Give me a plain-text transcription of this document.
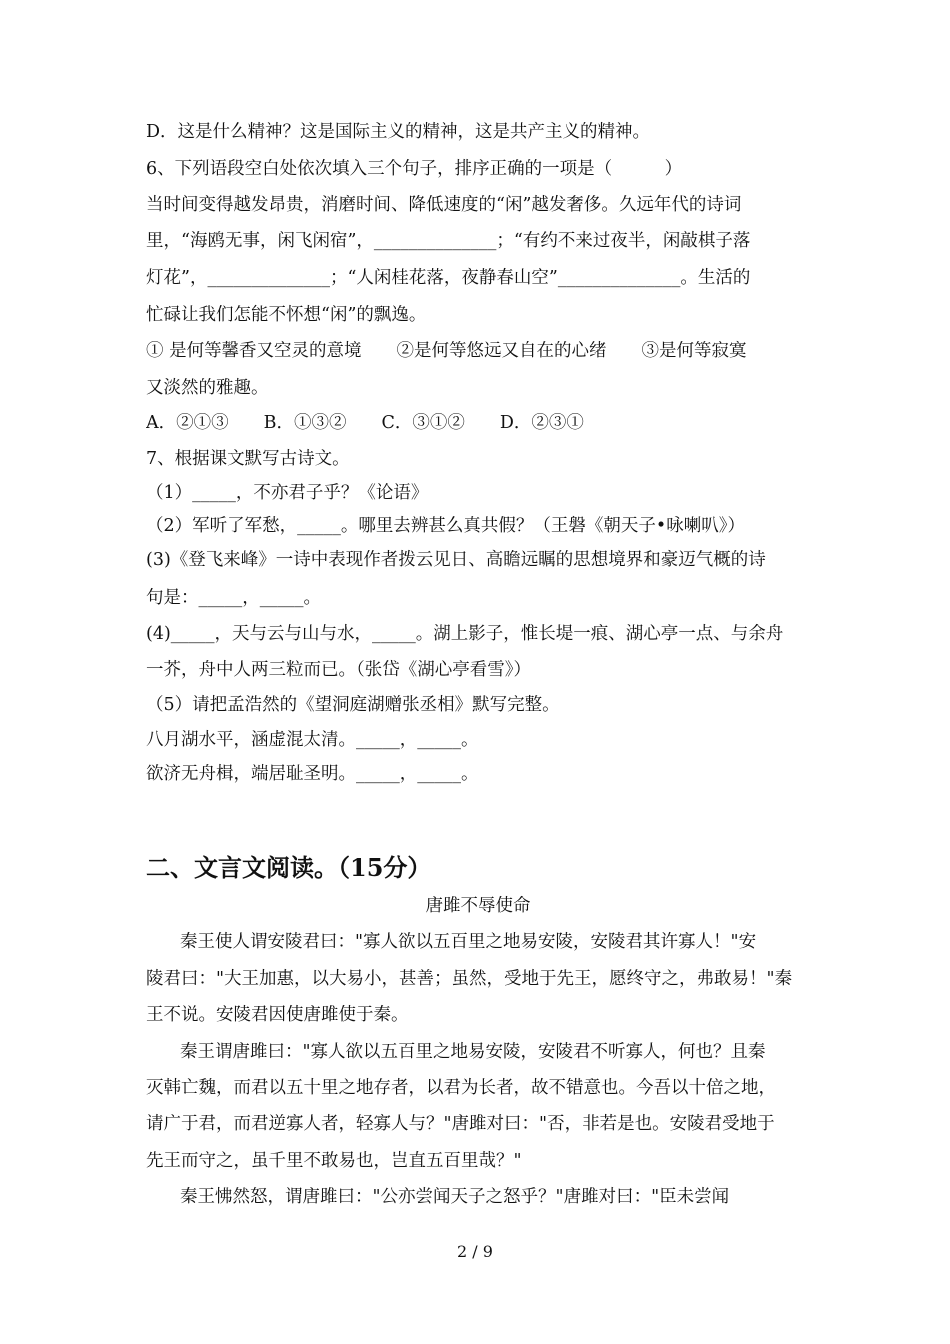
D．这是什么精神？这是国际主义的精神，这是共产主义的精神。
6、下列语段空白处依次填入三个句子，排序正确的一项是（　　　）
当时间变得越发昂贵，消磨时间、降低速度的“闲”越发奢侈。久远年代的诗词
里，“海鸥无事，闲飞闲宿”，______________；“有约不来过夜半，闲敲棋子落
灯花”，______________；“人闲桂花落，夜静春山空”______________。生活的
忙碌让我们怎能不怀想“闲”的飘逸。
① 是何等馨香又空灵的意境　　②是何等悠远又自在的心绪　　③是何等寂寞
又淡然的雅趣。
A．②①③　　B．①③②　　C．③①②　　D．②③①
7、根据课文默写古诗文。
（1）_____，不亦君子乎？《论语》
（2）军听了军愁，_____。哪里去辨甚么真共假？（王磐《朝天子•咏喇叭》）
(3)《登飞来峰》一诗中表现作者拨云见日、高瞻远瞩的思想境界和豪迈气概的诗
句是：_____，_____。
(4)_____，天与云与山与水，_____。湖上影子，惟长堤一痕、湖心亭一点、与余舟
一芥，舟中人两三粒而已。（张岱《湖心亭看雪》）
（5）请把孟浩然的《望洞庭湖赠张丞相》默写完整。
八月湖水平，涵虚混太清。_____，_____。
欲济无舟楫，端居耻圣明。_____，_____。
二、文言文阅读。（15分）
唐雎不辱使命
秦王使人谓安陵君曰："寡人欲以五百里之地易安陵，安陵君其许寡人！"安
陵君曰："大王加惠，以大易小，甚善；虽然，受地于先王，愿终守之，弗敢易！"秦
王不说。安陵君因使唐雎使于秦。
秦王谓唐雎曰："寡人欲以五百里之地易安陵，安陵君不听寡人，何也？且秦
灭韩亡魏，而君以五十里之地存者，以君为长者，故不错意也。今吾以十倍之地，
请广于君，而君逆寡人者，轻寡人与？"唐雎对曰："否，非若是也。安陵君受地于
先王而守之，虽千里不敢易也，岂直五百里哉？"
秦王怫然怒，谓唐雎曰："公亦尝闻天子之怒乎？"唐雎对曰："臣未尝闻
2 / 9
